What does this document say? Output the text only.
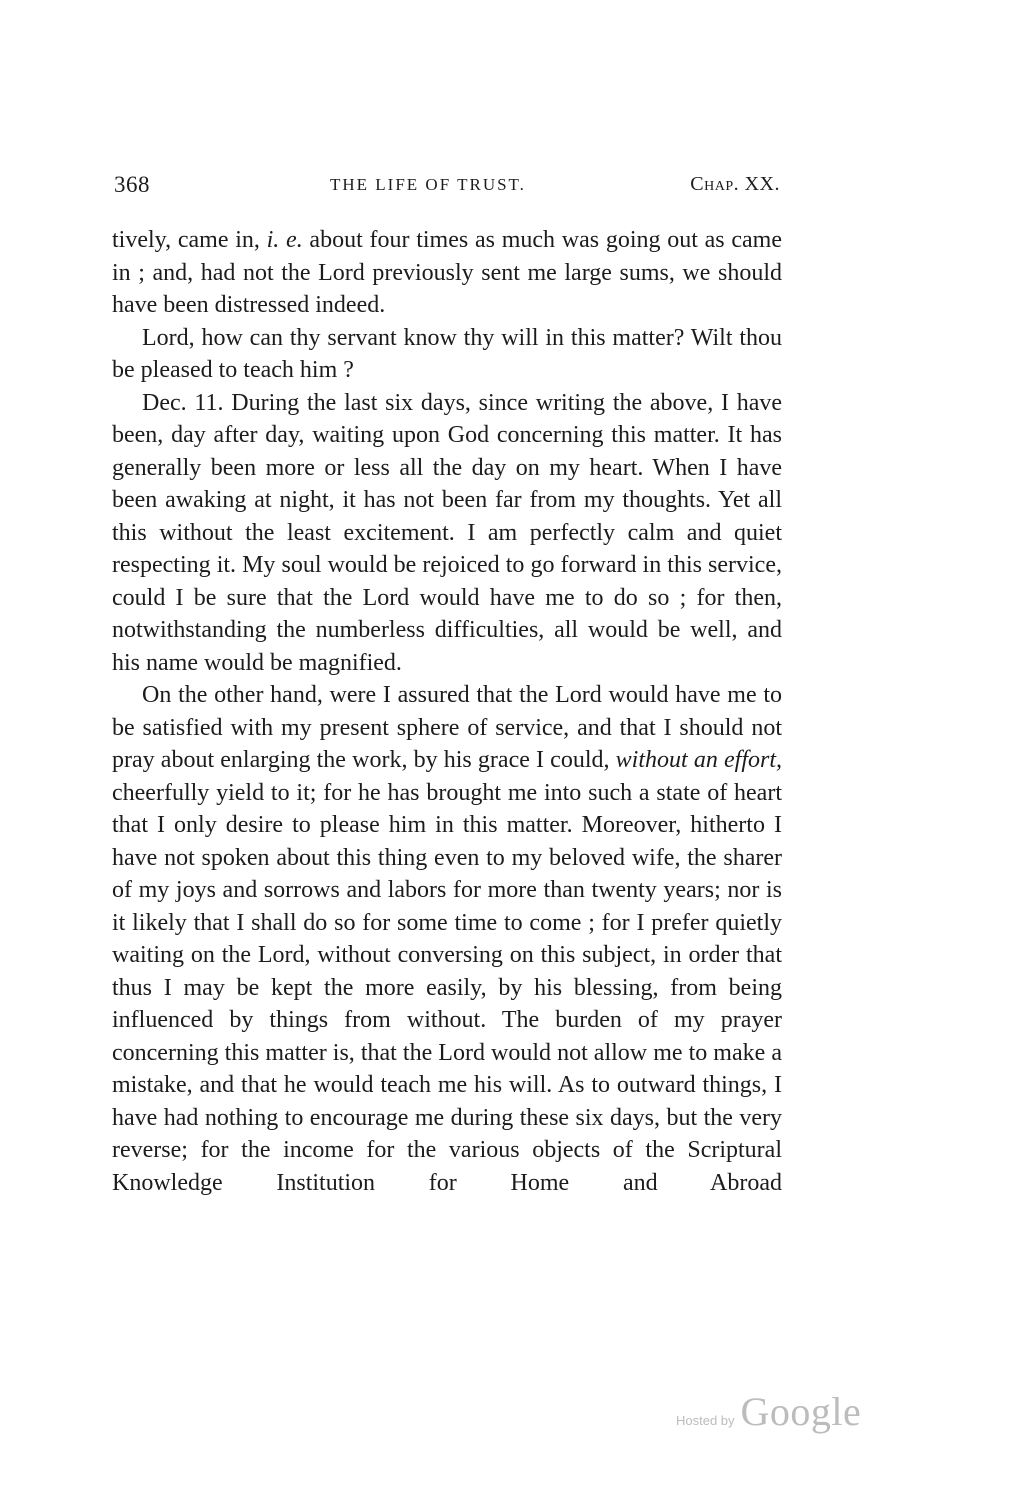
368	THE LIFE OF TRUST.	Chap. XX.

tively, came in, i. e. about four times as much was going out as came in ; and, had not the Lord previously sent me large sums, we should have been distressed indeed.

Lord, how can thy servant know thy will in this matter? Wilt thou be pleased to teach him ?

Dec. 11. During the last six days, since writing the above, I have been, day after day, waiting upon God concerning this matter. It has generally been more or less all the day on my heart. When I have been awaking at night, it has not been far from my thoughts. Yet all this without the least excitement. I am perfectly calm and quiet respecting it. My soul would be rejoiced to go forward in this service, could I be sure that the Lord would have me to do so ; for then, notwithstanding the numberless difficulties, all would be well, and his name would be magnified.

On the other hand, were I assured that the Lord would have me to be satisfied with my present sphere of service, and that I should not pray about enlarging the work, by his grace I could, without an effort, cheerfully yield to it; for he has brought me into such a state of heart that I only desire to please him in this matter. Moreover, hitherto I have not spoken about this thing even to my beloved wife, the sharer of my joys and sorrows and labors for more than twenty years; nor is it likely that I shall do so for some time to come ; for I prefer quietly waiting on the Lord, without conversing on this subject, in order that thus I may be kept the more easily, by his blessing, from being influenced by things from without. The burden of my prayer concerning this matter is, that the Lord would not allow me to make a mistake, and that he would teach me his will. As to outward things, I have had nothing to encourage me during these six days, but the very reverse; for the income for the various objects of the Scriptural Knowledge Institution for Home and Abroad

Hosted by Google
